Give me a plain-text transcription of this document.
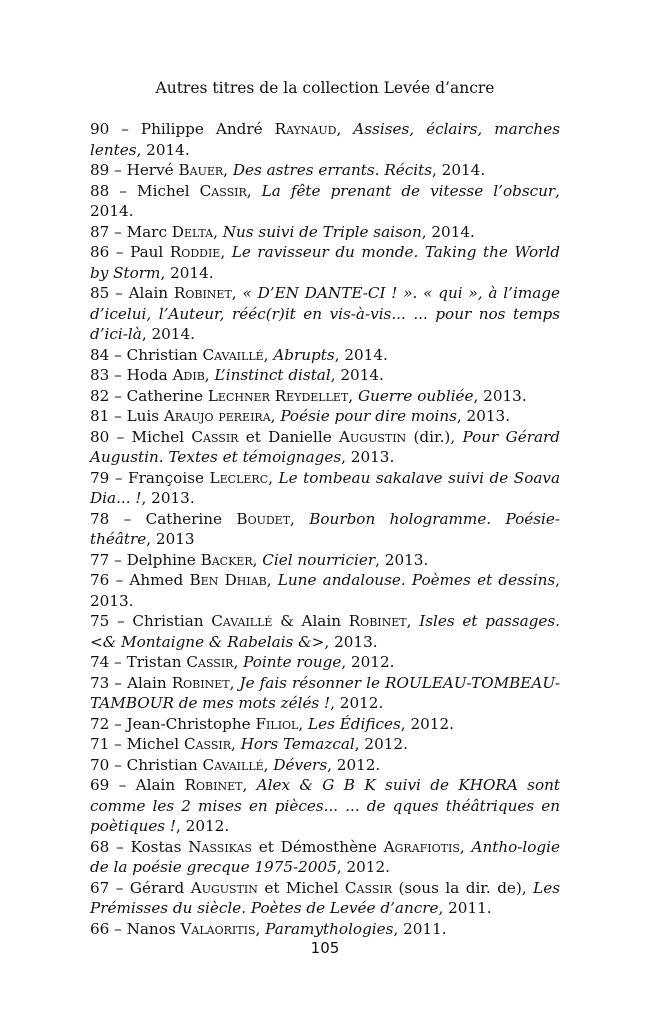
Autres titres de la collection Levée d’ancre

90 – Philippe André Raynaud, Assises, éclairs, marches lentes, 2014.

89 – Hervé Bauer, Des astres errants. Récits, 2014.

88 – Michel Cassir, La fête prenant de vitesse l’obscur, 2014.

87 – Marc Delta, Nus suivi de Triple saison, 2014.

86 – Paul Roddie, Le ravisseur du monde. Taking the World by Storm, 2014.

85 – Alain Robinet, « D’EN DANTE-CI ! ». « qui », à l’image d’icelui, l’Auteur, rééc(r)it en vis-à-vis... ... pour nos temps d’ici-là, 2014.

84 – Christian Cavaillé, Abrupts, 2014.

83 – Hoda Adib, L’instinct distal, 2014.

82 – Catherine Lechner Reydellet, Guerre oubliée, 2013.

81 – Luis Araujo pereira, Poésie pour dire moins, 2013.

80 – Michel Cassir et Danielle Augustin (dir.), Pour Gérard Augustin. Textes et témoignages, 2013.

79 – Françoise Leclerc, Le tombeau sakalave suivi de Soava Dia... !, 2013.

78 – Catherine Boudet, Bourbon hologramme. Poésie-théâtre, 2013

77 – Delphine Backer, Ciel nourricier, 2013.

76 – Ahmed Ben Dhiab, Lune andalouse. Poèmes et dessins, 2013.

75 – Christian Cavaillé & Alain Robinet, Isles et passages. <& Montaigne & Rabelais &>, 2013.

74 – Tristan Cassir, Pointe rouge, 2012.

73 – Alain Robinet, Je fais résonner le ROULEAU-TOMBEAU-TAMBOUR de mes mots zélés !, 2012.

72 – Jean-Christophe Filiol, Les Édifices, 2012.

71 – Michel Cassir, Hors Temazcal, 2012.

70 – Christian Cavaillé, Dévers, 2012.

69 – Alain Robinet, Alex & G B K suivi de KHORA sont comme les 2 mises en pièces... ... de qques théâtriques en poètiques !, 2012.

68 – Kostas Nassikas et Démosthène Agrafiotis, Antho-logie de la poésie grecque 1975-2005, 2012.

67 – Gérard Augustin et Michel Cassir (sous la dir. de), Les Prémisses du siècle. Poètes de Levée d’ancre, 2011.

66 – Nanos Valaoritis, Paramythologies, 2011.

105
